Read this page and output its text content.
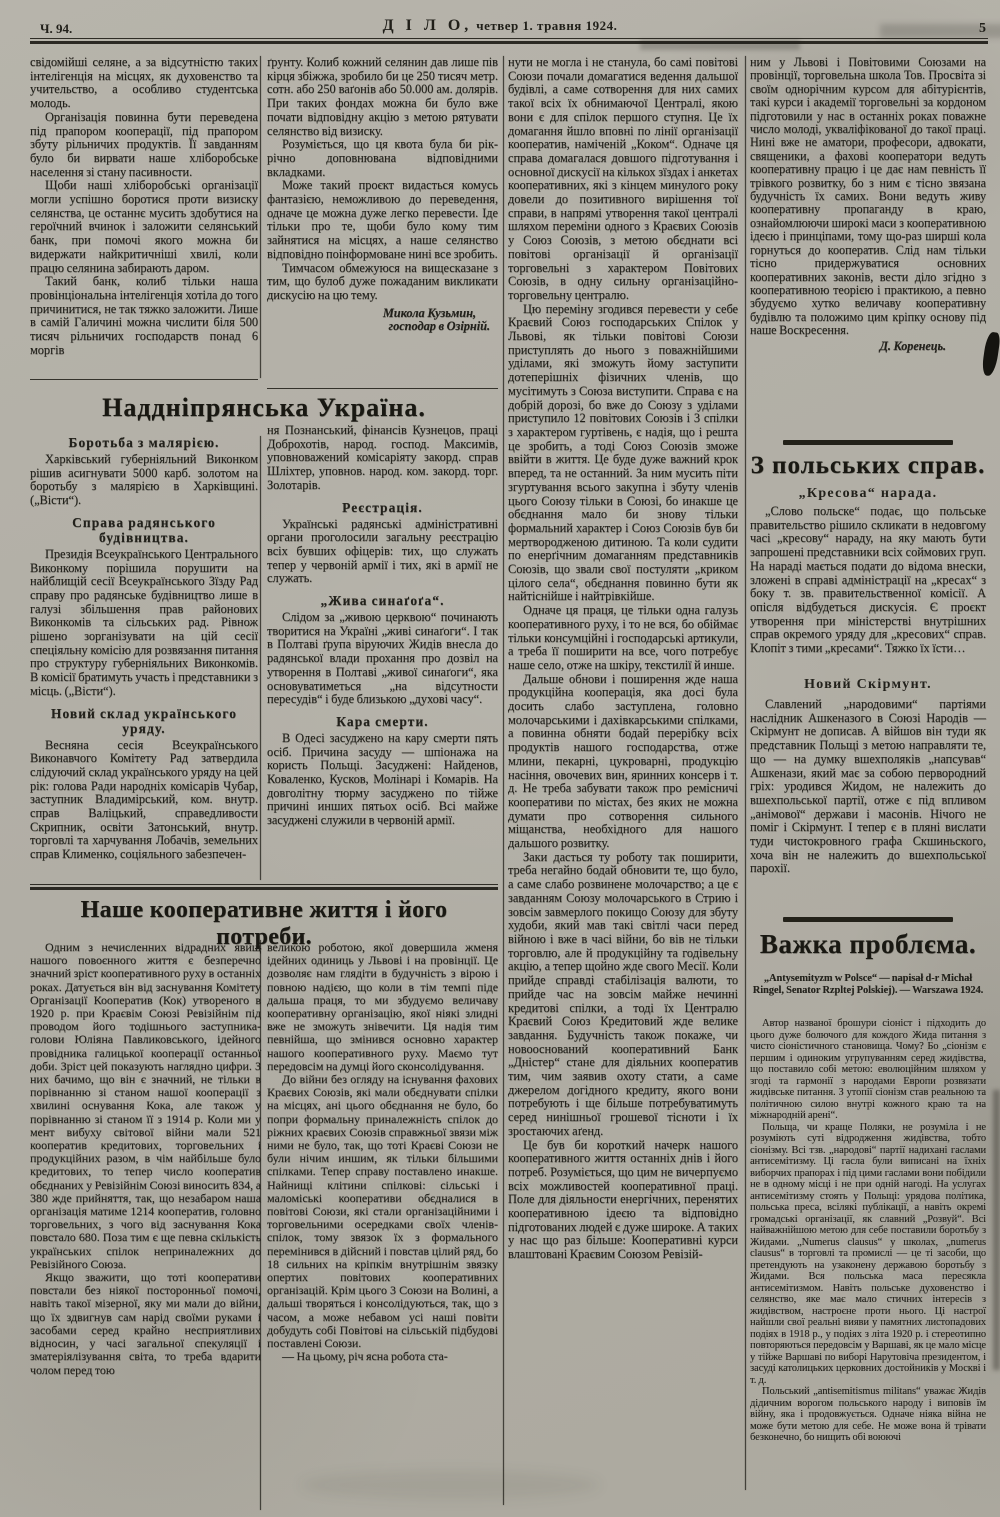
Ч. 94.	Д І Л О, четвер 1. травня 1924.	5

свідомійші селяне, а за відсутністю таких інтелігенція на місцях, як духовенство та учительство, а особливо студентська молодь.

Організація повинна бути переведена під прапором кооперації, під прапором збуту рільничих продуктів. Її завданням було би вирвати наше хліборобське населення зі стану пасивности.

Щоби наші хліборобські організації могли успішно боротися проти визиску селянства, це останнє мусить здобутися на героїчний вчинок і заложити селянський банк, при помочі якого можна би видержати найкритичніші хвилі, коли працю селянина забирають даром.

Такий банк, колиб тільки наша провінціональна інтелігенція хотіла до того причинитися, не так тяжко заложити. Лише в самій Галичині можна числити біля 500 тисяч рільничих господарств понад 6 моргів

ґрунту. Колиб кожний селянин дав лише пів кірця збіжжа, зробило би це 250 тисяч метр. сотн. або 250 ваґонів або 50.000 ам. долярів. При таких фондах можна би було вже почати відповідну акцію з метою рятувати селянство від визиску.

Розуміється, що ця квота була би рік-річно доповнювана відповідними вкладками.

Може такий проєкт видасться комусь фантазією, неможливою до переведення, одначе це можна дуже легко перевести. Іде тільки про те, щоби було кому тим зайнятися на місцях, а наше селянство відповідно поінформоване нині все зробить.

Тимчасом обмежуюся на вищесказане з тим, що булоб дуже пожаданим викликати дискусію на цю тему.

Микола Кузьмин,

господар в Озірній.

Наддніпрянська Україна.
Боротьба з малярією.

Харківський губерніяльний Виконком рішив асигнувати 5000 карб. золотом на боротьбу з малярією в Харківщині. („Вісти“).

Справа радянського будівництва.

Президія Всеукраїнського Центрального Виконкому порішила порушити на найблищій сесії Всеукраїнського Зїзду Рад справу про радянське будівництво лише в галузі збільшення прав районових Виконкомів та сільських рад. Рівнож рішено зорганізувати на цій сесії спеціяльну комісію для розвязання питання про структуру губерніяльних Виконкомів. В комісії братимуть участь і представники з місць. („Вісти“).

Новий склад українського уряду.

Весняна сесія Всеукраїнського Виконавчого Комітету Рад затвердила слідуючий склад українського уряду на цей рік: голова Ради народніх комісарів Чубар, заступник Владимірський, ком. внутр. справ Валіцький, справедливости Скрипник, освіти Затонський, внутр. торговлі та харчування Лобачів, земельних справ Клименко, соціяльного забезпечен-

ня Познанський, фінансів Кузнецов, праці Доброхотів, народ. господ. Максимів, уповноважений комісаріяту закорд. справ Шліхтер, уповнов. народ. ком. закорд. торг. Золотарів.

Реєстрація.

Українські радянські адміністративні органи проголосили загальну реєстрацію всіх бувших офіцерів: тих, що служать тепер у червоній армії і тих, які в армії не служать.

„Жива синаґоґа“.

Слідом за „живою церквою“ починають творитися на Україні „живі синаґоги“. І так в Полтаві ґрупа віруючих Жидів внесла до радянської влади прохання про дозвіл на утворення в Полтаві „живої синаґоги“, яка основуватиметься „на відсутности пересудів“ і буде близькою „духові часу“.

Кара смерти.

В Одесі засуджено на кару смерти пять осіб. Причина засуду — шпіонажа на користь Польщі. Засуджені: Найденов, Коваленко, Кусков, Молінарі і Комарів. На довголітну тюрму засуджено по тійже причині инших пятьох осіб. Всі майже засуджені служили в червоній армії.

Наше кооперативне життя і його потреби.

Одним з нечисленних відрадних явищ нашого повоєнного життя є безперечно значний зріст кооперативного руху в останніх роках. Датується він від заснування Комітету Організації Кооператив (Кок) утвореного в 1920 р. при Краєвім Союзі Ревізійнім під проводом його тодішнього заступника-голови Юліяна Павликовського, ідейного провідника галицької кооперації останньої доби. Зріст цей показують наглядно цифри. З них бачимо, що він є значний, не тільки в порівнанню зі станом нашої кооперації з хвилині оснування Кока, але також у порівнанню зі станом її з 1914 р. Коли ми у мент вибуху світової війни мали 521 кооператив кредитових, торговельних і продукційних разом, в чім найбільше було кредитових, то тепер число кооператив обєднаних у Ревізійнім Союзі виносить 834, а 380 жде прийняття, так, що незабаром наша організація матиме 1214 кооператив, головно торговельних, з чого від заснування Кока повстало 680. Поза тим є ще певна скількість українських спілок неприналежних до Ревізійного Союза.

Якщо зважити, що тоті кооперативи повстали без ніякої посторонньої помочі, навіть такої мізерної, яку ми мали до війни, що їх здвигнув сам нарід своїми руками і засобами серед крайно несприятливих відносин, у часі загальної спекуляції і зматеріялізування світа, то треба вдарити чолом перед тою

великою роботою, якої довершила жменя ідейних одиниць у Львові і на провінції. Це дозволяє нам глядіти в будучність з вірою і повною надією, що коли в тім темпі піде дальша праця, то ми збудуємо величаву кооперативну організацію, якої ніякі злидні вже не зможуть знівечити. Ця надія тим певнійша, що змінився основно характер нашого кооперативного руху. Маємо тут передовсім на думці його сконсолідування.

До війни без огляду на існування фахових Краєвих Союзів, які мали обєднувати спілки на місцях, ані цього обєднання не було, бо попри формальну приналежність спілок до ріжних краєвих Союзів справжньої звязи між ними не було, так, що тоті Краєві Союзи не були нічим иншим, як тільки більшими спілками. Тепер справу поставлено инакше. Найнищі клітини спілкові: сільські і маломіські кооперативи обєдналися в повітові Союзи, які стали організаційними і торговельними осередками своїх членів-спілок, тому звязок їх з формального перемінився в дійсний і повстав цілий ряд, бо 18 сильних на кріпкім внутрішнім звязку опертих повітових кооперативних організацій. Крім цього 3 Союзи на Волині, а дальші творяться і консолідуються, так, що з часом, а може небавом усі наші повіти добудуть собі Повітові на сільській підбудові поставлені Союзи.

— На цьому, річ ясна робота ста-

нути не могла і не станула, бо самі повітові Союзи почали домагатися ведення дальшої будівлі, а саме сотворення для них самих такої всіх їх обнимаючої Централі, якою вони є для спілок першого ступня. Це їх домагання йшло вповні по лінії організації кооператив, наміченій „Коком“. Одначе ця справа домагалася довшого підготування і основної дискусії на кількох зїздах і анкетах кооперативних, які з кінцем минулого року довели до позитивного вирішення тої справи, в напрямі утворення такої централі шляхом переміни одного з Краєвих Союзів у Союз Союзів, з метою обєднати всі повітові організації й організації торговельні з характером Повітових Союзів, в одну сильну організаційно-торговельну централю.

Цю переміну згодився перевести у себе Краєвий Союз господарських Спілок у Львові, як тільки повітові Союзи приступлять до нього з поважнійшими уділами, які зможуть йому заступити дотеперішніх фізичних членів, що мусітимуть з Союза виступити. Справа є на добрій дорозі, бо вже до Союзу з уділами приступило 12 повітових Союзів і 3 спілки з характером гуртівень, є надія, що і решта це зробить, а тоді Союз Союзів зможе ввійти в життя. Це буде дуже важний крок вперед, та не останний. За ним мусить піти згуртування всього закупна і збуту членів цього Союзу тільки в Союзі, бо инакше це обєднання мало би знову тільки формальний характер і Союз Союзів був би мертвородженою дитиною. Та коли судити по енерґічним домаганням представників Союзів, що звали свої постуляти „криком цілого села“, обєднання повинно бути як найтіснійше і найтрівкійше.

Одначе ця праця, це тільки одна галузь кооперативного руху, і то не вся, бо обіймає тільки консумційні і господарські артикули, а треба її поширити на все, чого потребує наше село, отже на шкіру, текстилії й инше.

Дальше обнови і поширення жде наша продукційна кооперація, яка досі була досить слабо заступлена, головно молочарськими і дахівкарськими спілками, а повинна обняти бодай перерібку всіх продуктів нашого господарства, отже млини, пекарні, цукроварні, продукцію насіння, овочевих вин, яринних консерв і т. д. Не треба забувати також про ремісничі кооперативи по містах, без яких не можна думати про сотворення сильного міщанства, необхідного для нашого дальшого розвитку.

Заки дасться ту роботу так поширити, треба негайно бодай обновити те, що було, а саме слабо розвинене молочарство; а це є завданням Союзу молочарського в Стрию і зовсім завмерлого покищо Союзу для збуту худоби, який мав такі світлі часи перед війною і вже в часі війни, бо вів не тільки торговлю, але й продукційну та годівельну акцію, а тепер щойно жде свого Месії. Коли прийде справді стабілізація валюти, то прийде час на зовсім майже нечинні кредитові спілки, а тоді їх Централю Краєвий Союз Кредитовий жде велике завдання. Будучність також покаже, чи новооснований кооперативний Банк „Дністер“ стане для діяльних кооператив тим, чим заявив охоту стати, а саме джерелом догідного кредиту, якого вони потребують і ще більше потребуватимуть серед нинішньої грошевої тісноти і їх зростаючих аґенд.

Це був би короткий начерк нашого кооперативного життя останніх днів і його потреб. Розуміється, що цим не вичерпуємо всіх можливостей кооперативної праці. Поле для діяльности енергічних, перенятих кооперативною ідеєю та відповідно підготованих людей є дуже широке. А таких у нас що раз більше: Кооперативні курси влаштовані Краєвим Союзом Ревізій-

ним у Львові і Повітовими Союзами на провінції, торговельна школа Тов. Просвіта зі своїм однорічним курсом для абітурієнтів, такі курси і академії торговельні за кордоном підготовили у нас в останніх роках поважне число молоді, укваліфікованої до такої праці. Нині вже не аматори, професори, адвокати, священики, а фахові кооператори ведуть кооперативну працю і це дає нам певність її трівкого розвитку, бо з ним є тісно звязана будучність їх самих. Вони ведуть живу кооперативну пропаганду в краю, ознайомлюючи широкі маси з кооперативною ідеєю і принціпами, тому що-раз ширші кола горнуться до кооператив. Слід нам тільки тісно придержуватися основних кооперативних законів, вести діло згідно з кооперативною теорією і практикою, а певно збудуємо хутко величаву кооперативну будівлю та положимо цим кріпку основу під наше Воскресення.

Д. Коренець.

З польських справ.
„Кресова“ нарада.

„Слово польске“ подає, що польське правительство рішило скликати в недовгому часі „кресову“ нараду, на яку мають бути запрошені представники всіх соймових груп. На нараді мається подати до відома внески, зложені в справі адміністрації на „кресах“ з боку т. зв. правительственної комісії. А опісля відбудеться дискусія. Є проєкт утворення при міністерстві внутрішних справ окремого уряду для „кресових“ справ. Клопіт з тими „кресами“. Тяжко їх їсти…

Новий Скірмунт.

Славлений „народовими“ партіями наслідник Ашкеназого в Союзі Народів — Скірмунт не дописав. А війшов він туди як представник Польщі з метою направляти те, що — на думку вшехполяків „напсував“ Ашкенази, який має за собою первородний гріх: уродився Жидом, не належить до вшехпольської партії, отже є під впливом „анімової“ держави і масонів. Нічого не поміг і Скірмунт. І тепер є в пляні вислати туди чистокровного графа Скшиньского, хоча він не належить до вшехпольської парохії.

Важка проблєма.
„Antysemityzm w Polsce“ — napisał d-r Michał Ringel, Senator Rzpltej Polskiej). — Warszawa 1924.

Автор названої брошури сіоніст і підходить до цього дуже болючого для кождого Жида питання з чисто сіоністичного становища. Чому? Бо „сіонізм є першим і одиноким угрупуванням серед жидівства, що поставило собі метою: еволюційним шляхом у згоді та гармонії з народами Европи розвязати жидівське питання. З утопії сіонізм став реальною та політичною силою внутрі кожного краю та на міжнародній арені“.

Польща, чи краще Поляки, не розуміла і не розуміють суті відродження жидівства, тобто сіонізму. Всі тзв. „народові“ партії надихані гаслами антисемітизму. Ці гасла були виписані на їхніх виборчих прапорах і під цими гаслами вони побідили не в одному місці і не при одній нагоді. На услугах антисемітизму стоять у Польщі: урядова політика, польська преса, всілякі публікації, а навіть окремі громадські організації, як славний „Розвуй“. Всі найважнійшою метою для себе поставили боротьбу з Жидами. „Numerus clausus“ у школах, „numerus clausus“ в торговлі та промислі — це ті засоби, що претендують на узаконену державою боротьбу з Жидами. Вся польська маса пересякла антисемітизмом. Навіть польське духовенство і селянство, яке має мало стичних інтересів з жидівством, настроєне проти нього. Ці настрої найшли свої реальні вияви у памятних листопадових подіях в 1918 р., у подіях з літа 1920 р. і стереотипно повторяються передовсім у Варшаві, як це мало місце у тійже Варшаві по виборі Нарутовіча президентом, і засуді католицьких церковних достойників у Москві і т. д.

Польський „antisemitismus militans“ уважає Жидів дідичним ворогом польського народу і виповів їм війну, яка і продовжується. Одначе ніяка війна не може бути метою для себе. Не може вона й трівати безконечно, бо нищить обі воюючі
